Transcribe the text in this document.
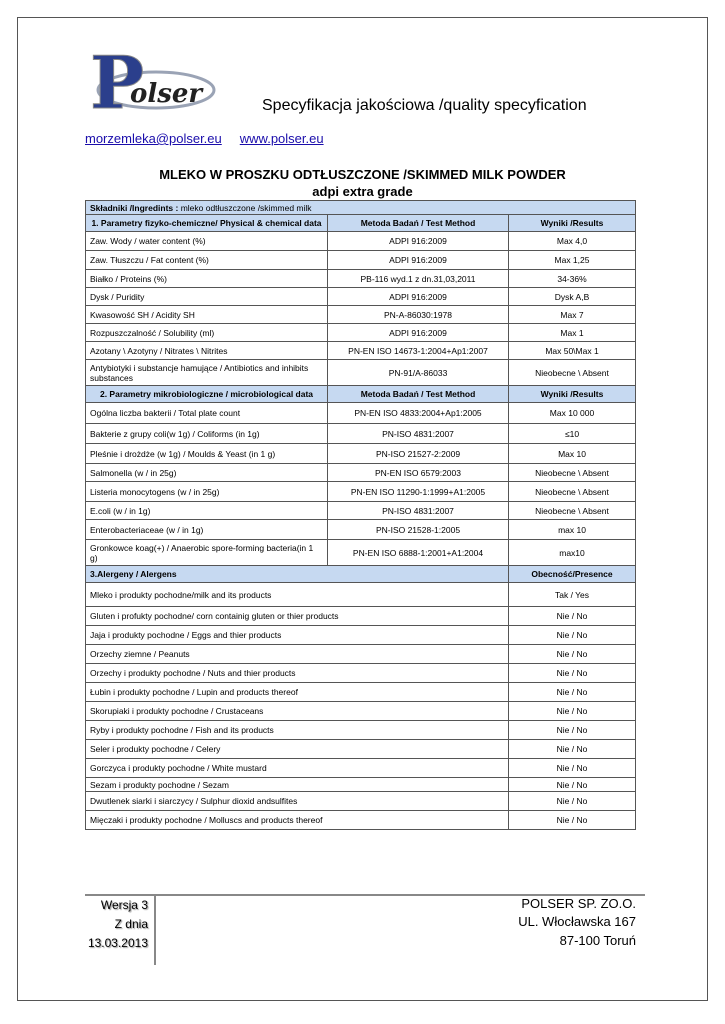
P
olser	Specyfikacja jakościowa /quality specyfication
morzemleka@polser.eu www.polser.eu
MLEKO W PROSZKU ODTŁUSZCZONE /SKIMMED MILK POWDER
adpi extra grade
Składniki /Ingredints : mleko odtłuszczone /skimmed milk		
1. Parametry fizyko-chemiczne/ Physical & chemical data	Metoda Badań / Test Method	Wyniki /Results
Zaw. Wody / water content (%)	ADPI 916:2009	Max 4,0
Zaw. Tłuszczu / Fat content (%)	ADPI 916:2009	Max 1,25
Białko / Proteins (%)	PB-116 wyd.1 z dn.31,03,2011	34-36%
Dysk / Puridity	ADPI 916:2009	Dysk A,B
Kwasowość SH / Acidity SH	PN-A-86030:1978	Max 7
Rozpuszczalność / Solubility (ml)	ADPI 916:2009	Max 1
Azotany \ Azotyny / Nitrates \ Nitrites	PN-EN ISO 14673-1:2004+Ap1:2007	Max 50\Max 1
Antybiotyki i substancje hamujące / Antibiotics and inhibits substances	PN-91/A-86033	Nieobecne \ Absent
2. Parametry mikrobiologiczne / microbiological data	Metoda Badań / Test Method	Wyniki /Results
Ogólna liczba bakterii / Total plate count	PN-EN ISO 4833:2004+Ap1:2005	Max 10 000
Bakterie z grupy coli(w 1g) / Coliforms (in 1g)	PN-ISO 4831:2007	≤10
Pleśnie i drożdże (w 1g) / Moulds & Yeast (in 1 g)	PN-ISO 21527-2:2009	Max 10
Salmonella (w / in 25g)	PN-EN ISO 6579:2003	Nieobecne \ Absent
Listeria monocytogens (w / in 25g)	PN-EN ISO 11290-1:1999+A1:2005	Nieobecne \ Absent
E.coli (w / in 1g)	PN-ISO 4831:2007	Nieobecne \ Absent
Enterobacteriaceae (w / in 1g)	PN-ISO 21528-1:2005	max 10
Gronkowce koag(+) / Anaerobic spore-forming bacteria(in 1 g)	PN-EN ISO 6888-1:2001+A1:2004	max10
3.Alergeny / Alergens		Obecność/Presence
Mleko i produkty pochodne/milk and its products		Tak / Yes
Gluten i profukty pochodne/ corn containig gluten or thier products		Nie / No
Jaja i produkty pochodne / Eggs and thier products		Nie / No
Orzechy ziemne / Peanuts		Nie / No
Orzechy i produkty pochodne / Nuts and thier products		Nie / No
Łubin i produkty pochodne / Lupin and products thereof		Nie / No
Skorupiaki i produkty pochodne / Crustaceans		Nie / No
Ryby i produkty pochodne / Fish and its products		Nie / No
Seler i produkty pochodne / Celery		Nie / No
Gorczyca i produkty pochodne / White mustard		Nie / No
Sezam i produkty pochodne / Sezam		Nie / No
Dwutlenek siarki i siarczycy / Sulphur dioxid andsulfites		Nie / No
Mięczaki i produkty pochodne / Molluscs and products thereof		Nie / No
Wersja 3
Z dnia
13.03.2013
POLSER SP. ZO.O.
UL. Włocławska 167
87-100 Toruń
